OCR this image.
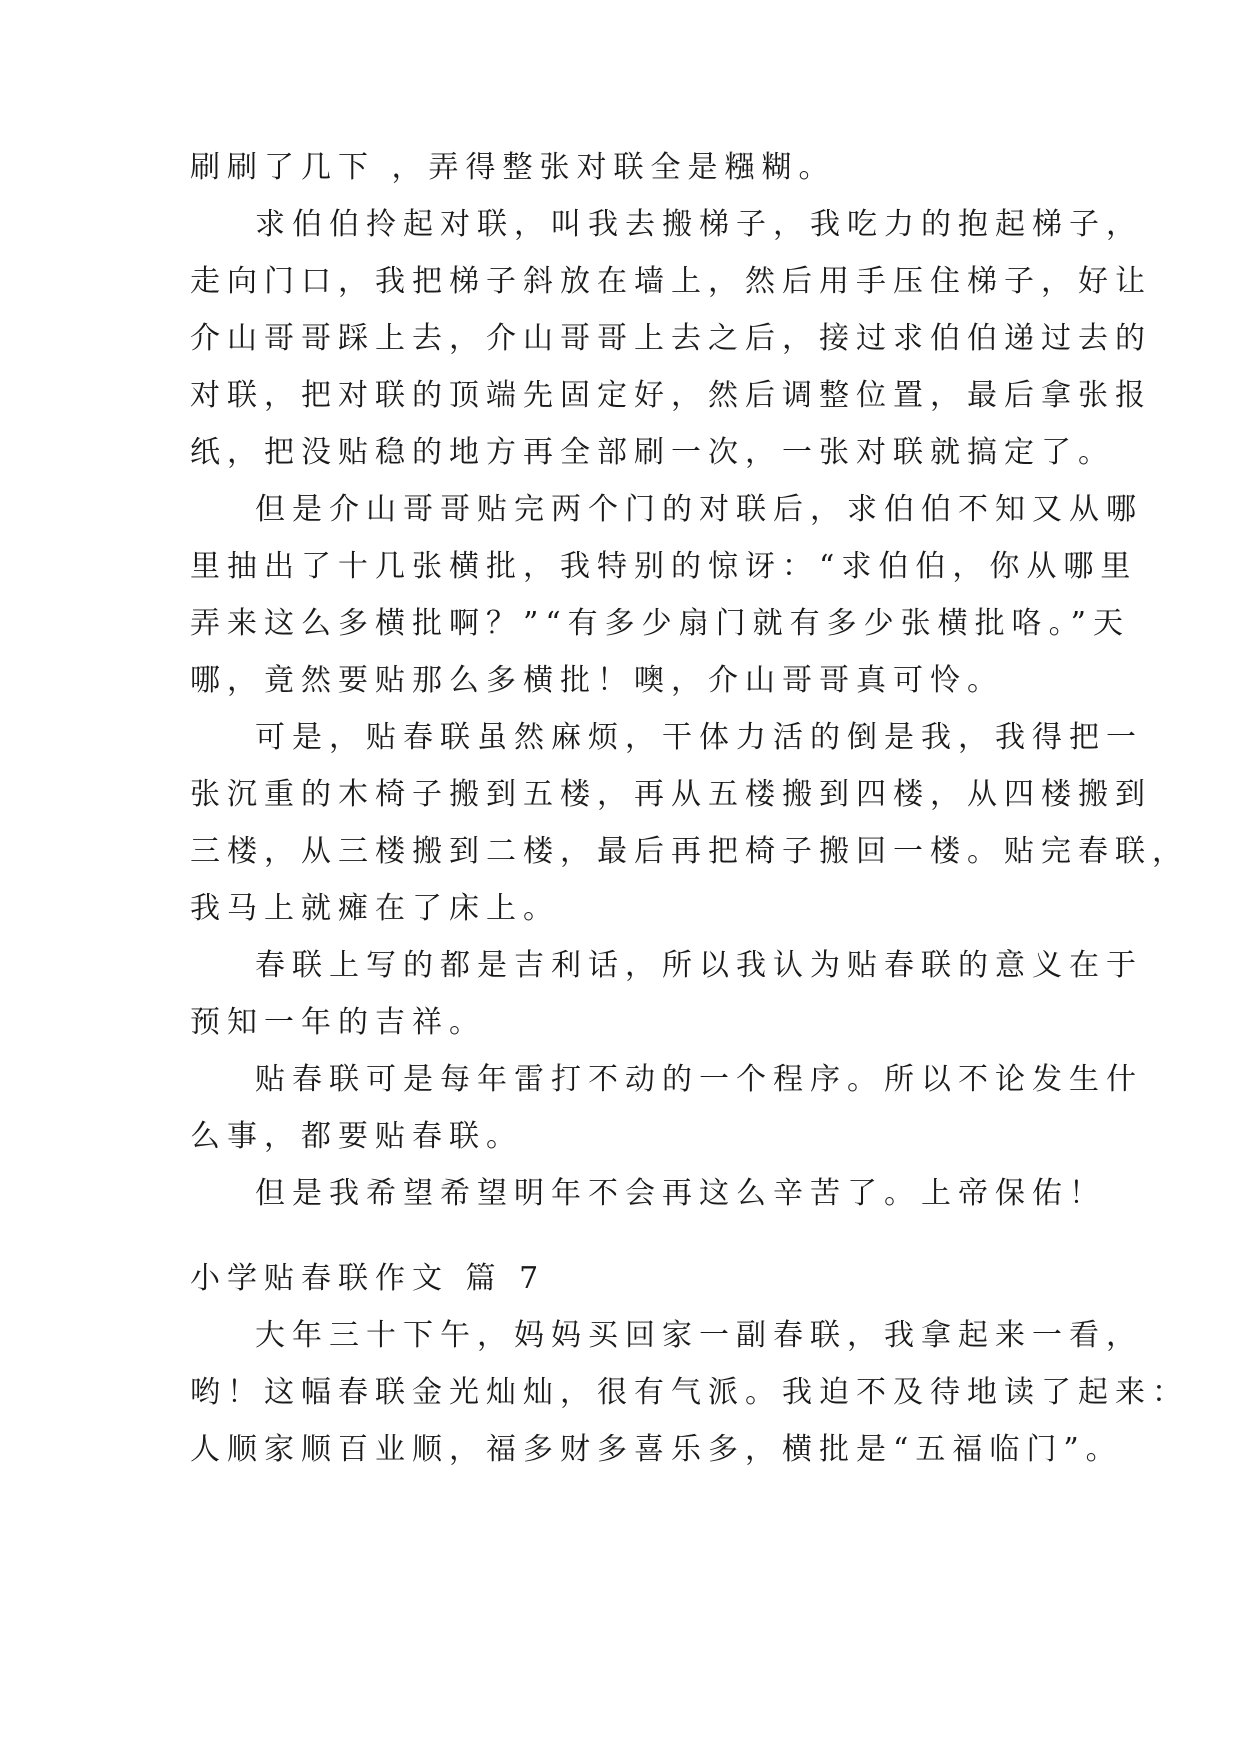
刷刷了几下 ，弄得整张对联全是糨糊。
求伯伯拎起对联，叫我去搬梯子，我吃力的抱起梯子，
走向门口，我把梯子斜放在墙上，然后用手压住梯子，好让
介山哥哥踩上去，介山哥哥上去之后，接过求伯伯递过去的
对联，把对联的顶端先固定好，然后调整位置，最后拿张报
纸，把没贴稳的地方再全部刷一次，一张对联就搞定了。
但是介山哥哥贴完两个门的对联后，求伯伯不知又从哪
里抽出了十几张横批，我特别的惊讶：“求伯伯，你从哪里
弄来这么多横批啊？”“有多少扇门就有多少张横批咯。”天
哪，竟然要贴那么多横批！噢，介山哥哥真可怜。
可是，贴春联虽然麻烦，干体力活的倒是我，我得把一
张沉重的木椅子搬到五楼，再从五楼搬到四楼，从四楼搬到
三楼，从三楼搬到二楼，最后再把椅子搬回一楼。贴完春联，
我马上就瘫在了床上。
春联上写的都是吉利话，所以我认为贴春联的意义在于
预知一年的吉祥。
贴春联可是每年雷打不动的一个程序。所以不论发生什
么事，都要贴春联。
但是我希望希望明年不会再这么辛苦了。上帝保佑！
小学贴春联作文 篇 7
大年三十下午，妈妈买回家一副春联，我拿起来一看，
哟！这幅春联金光灿灿，很有气派。我迫不及待地读了起来：
人顺家顺百业顺，福多财多喜乐多，横批是“五福临门”。
